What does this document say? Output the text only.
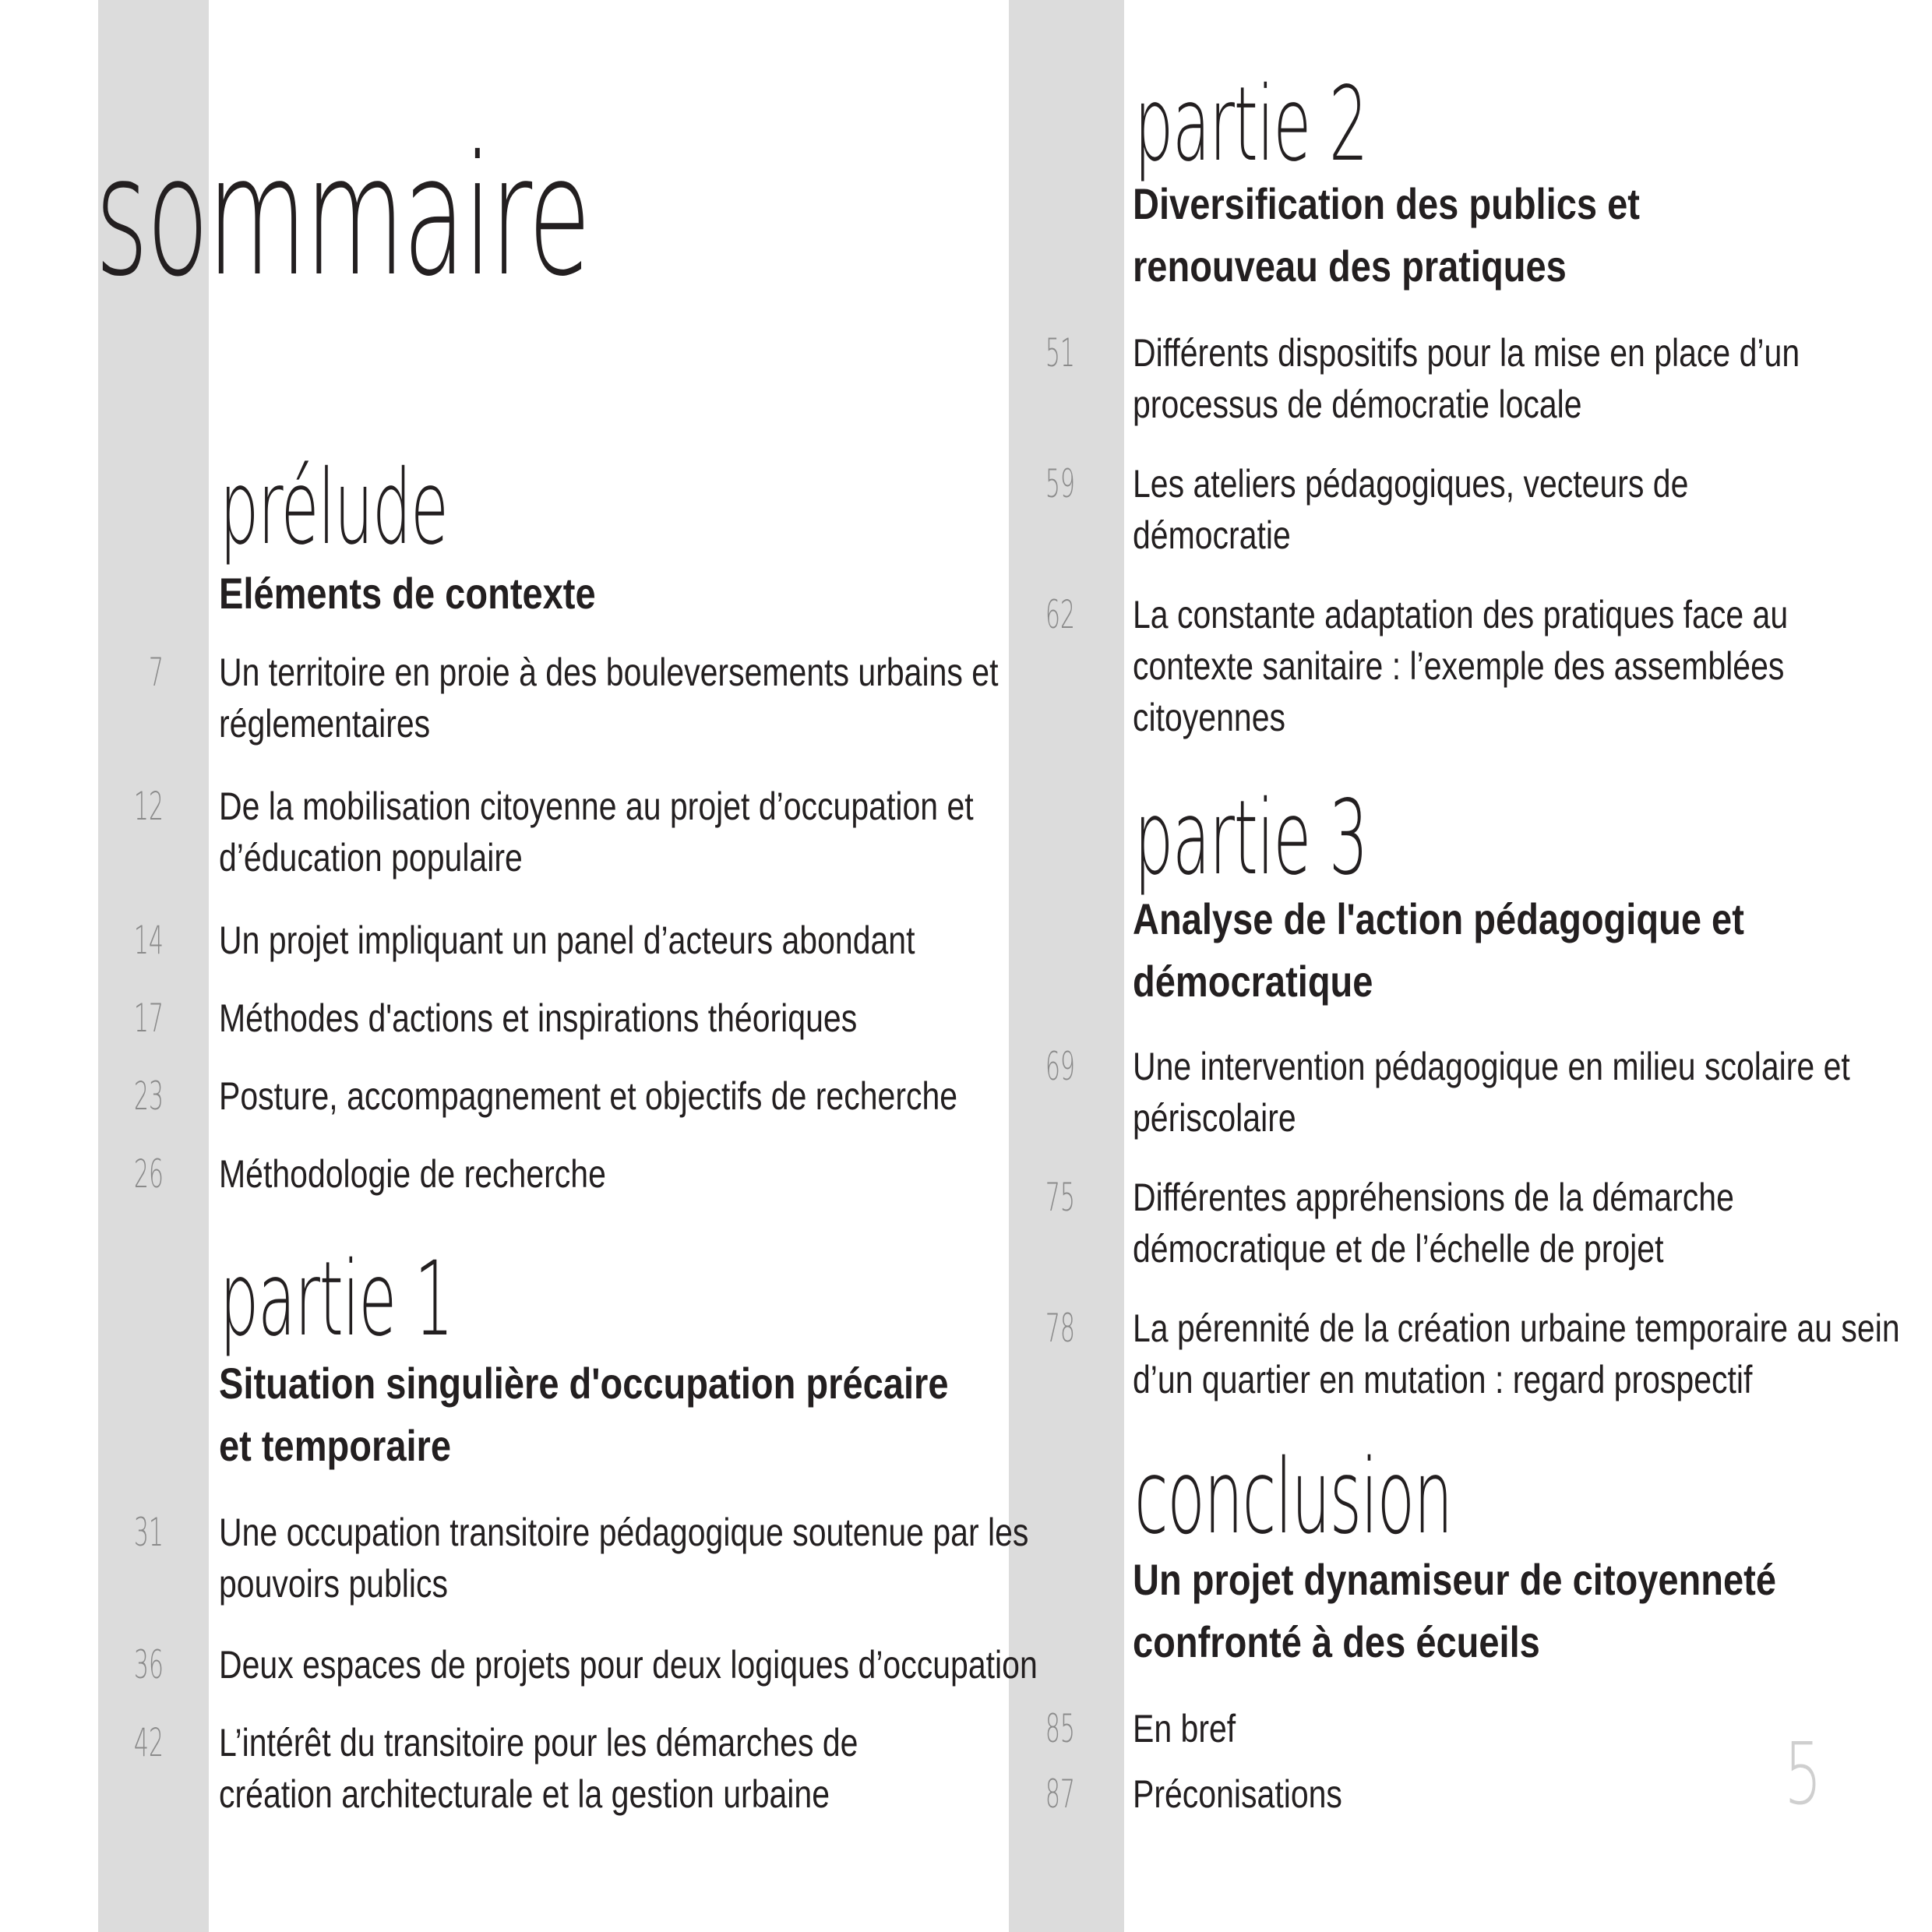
sommaire
prélude
Eléments de contexte
7 Un territoire en proie à des bouleversements urbains et
réglementaires
12 De la mobilisation citoyenne au projet d’occupation et
d’éducation populaire
14 Un projet impliquant un panel d’acteurs abondant
17 Méthodes d'actions et inspirations théoriques
23 Posture, accompagnement et objectifs de recherche
26 Méthodologie de recherche
partie 1
Situation singulière d'occupation précaire
et temporaire
31 Une occupation transitoire pédagogique soutenue par les
pouvoirs publics
36 Deux espaces de projets pour deux logiques d’occupation
42 L’intérêt du transitoire pour les démarches de
création architecturale et la gestion urbaine
partie 2
Diversification des publics et
renouveau des pratiques
51 Différents dispositifs pour la mise en place d’un
processus de démocratie locale
59 Les ateliers pédagogiques, vecteurs de
démocratie
62 La constante adaptation des pratiques face au
contexte sanitaire : l’exemple des assemblées
citoyennes
partie 3
Analyse de l'action pédagogique et
démocratique
69 Une intervention pédagogique en milieu scolaire et
périscolaire
75 Différentes appréhensions de la démarche
démocratique et de l’échelle de projet
78 La pérennité de la création urbaine temporaire au sein
d’un quartier en mutation : regard prospectif
conclusion
Un projet dynamiseur de citoyenneté
confronté à des écueils
85 En bref
87 Préconisations	5
